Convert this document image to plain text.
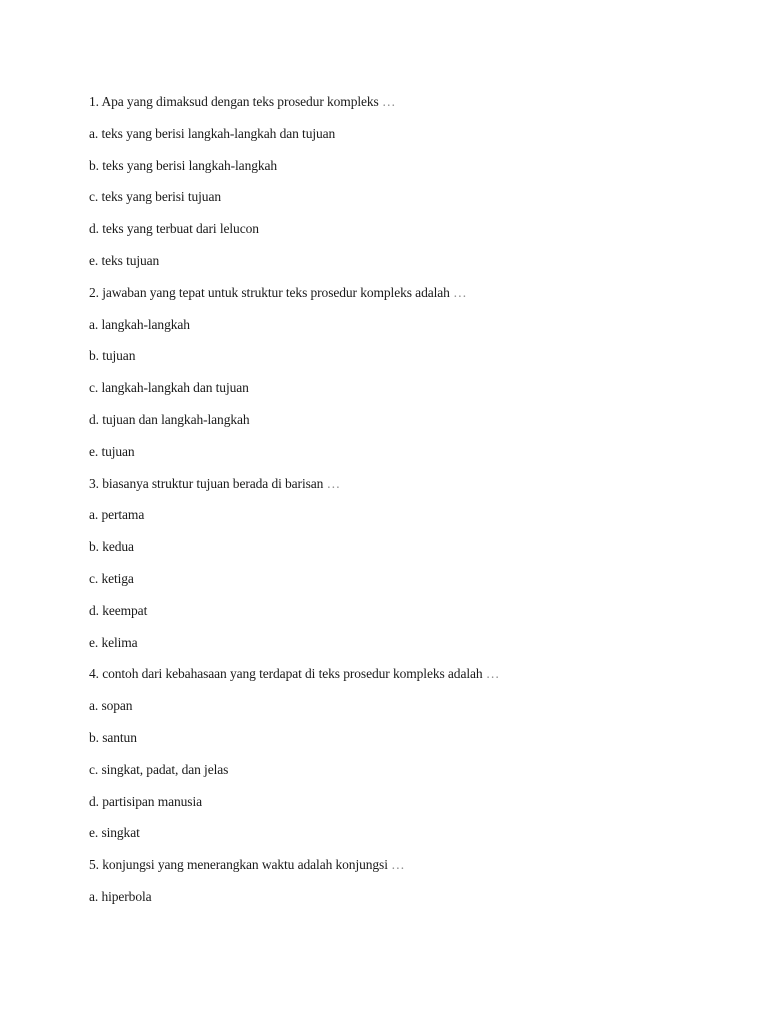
1. Apa yang dimaksud dengan teks prosedur kompleks …
a. teks yang berisi langkah-langkah dan tujuan
b. teks yang berisi langkah-langkah
c. teks yang berisi tujuan
d. teks yang terbuat dari lelucon
e. teks tujuan
2. jawaban yang tepat untuk struktur teks prosedur kompleks adalah …
a. langkah-langkah
b. tujuan
c. langkah-langkah dan tujuan
d. tujuan dan langkah-langkah
e. tujuan
3. biasanya struktur tujuan berada di barisan …
a. pertama
b. kedua
c. ketiga
d. keempat
e. kelima
4. contoh dari kebahasaan yang terdapat di teks prosedur kompleks adalah …
a. sopan
b. santun
c. singkat, padat, dan jelas
d. partisipan manusia
e. singkat
5. konjungsi yang menerangkan waktu adalah konjungsi …
a. hiperbola
